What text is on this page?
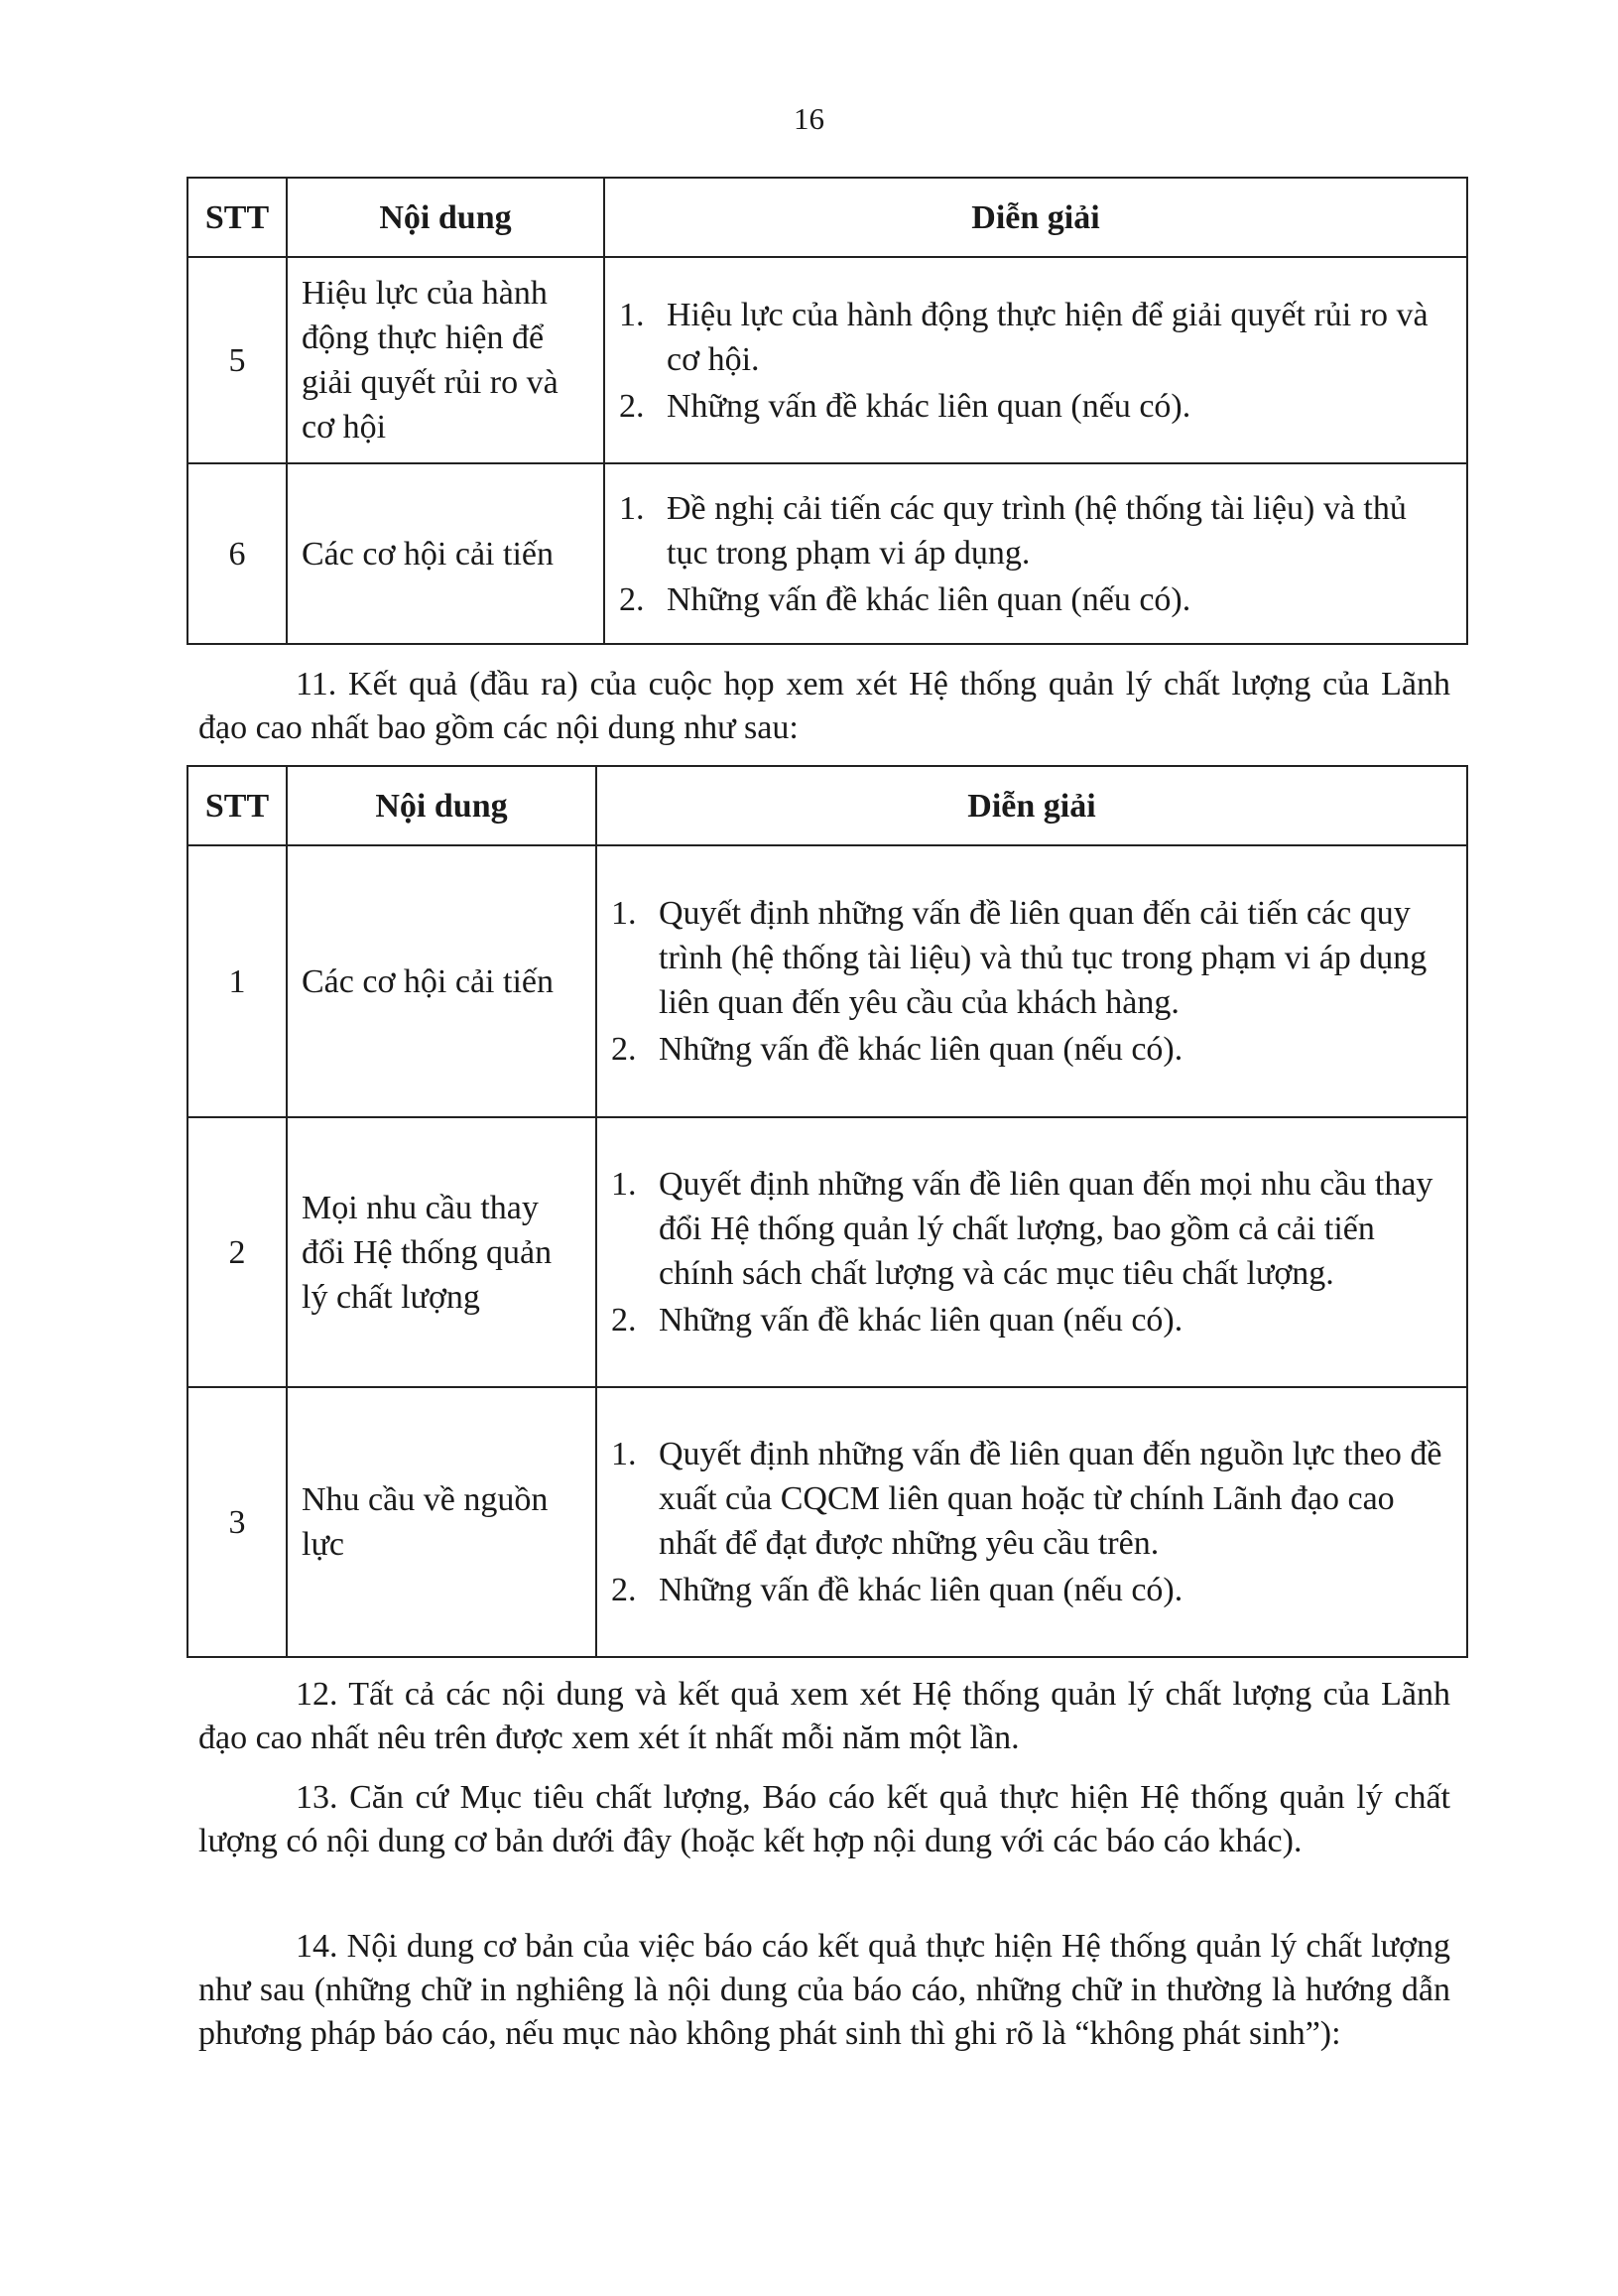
16
STT	Nội dung	Diễn giải
5	Hiệu lực của hành động thực hiện để giải quyết rủi ro và cơ hội	1. Hiệu lực của hành động thực hiện để giải quyết rủi ro và cơ hội.
2. Những vấn đề khác liên quan (nếu có).

6	Các cơ hội cải tiến	1. Đề nghị cải tiến các quy trình (hệ thống tài liệu) và thủ tục trong phạm vi áp dụng.
2. Những vấn đề khác liên quan (nếu có).

11. Kết quả (đầu ra) của cuộc họp xem xét Hệ thống quản lý chất lượng của Lãnh đạo cao nhất bao gồm các nội dung như sau:

STT	Nội dung	Diễn giải
1	Các cơ hội cải tiến	1. Quyết định những vấn đề liên quan đến cải tiến các quy trình (hệ thống tài liệu) và thủ tục trong phạm vi áp dụng liên quan đến yêu cầu của khách hàng.
2. Những vấn đề khác liên quan (nếu có).

2	Mọi nhu cầu thay đổi Hệ thống quản lý chất lượng	1. Quyết định những vấn đề liên quan đến mọi nhu cầu thay đổi Hệ thống quản lý chất lượng, bao gồm cả cải tiến chính sách chất lượng và các mục tiêu chất lượng.
2. Những vấn đề khác liên quan (nếu có).

3	Nhu cầu về nguồn lực	1. Quyết định những vấn đề liên quan đến nguồn lực theo đề xuất của CQCM liên quan hoặc từ chính Lãnh đạo cao nhất để đạt được những yêu cầu trên.
2. Những vấn đề khác liên quan (nếu có).

12. Tất cả các nội dung và kết quả xem xét Hệ thống quản lý chất lượng của Lãnh đạo cao nhất nêu trên được xem xét ít nhất mỗi năm một lần.

13. Căn cứ Mục tiêu chất lượng, Báo cáo kết quả thực hiện Hệ thống quản lý chất lượng có nội dung cơ bản dưới đây (hoặc kết hợp nội dung với các báo cáo khác).

14. Nội dung cơ bản của việc báo cáo kết quả thực hiện Hệ thống quản lý chất lượng như sau (những chữ in nghiêng là nội dung của báo cáo, những chữ in thường là hướng dẫn phương pháp báo cáo, nếu mục nào không phát sinh thì ghi rõ là “không phát sinh”):
